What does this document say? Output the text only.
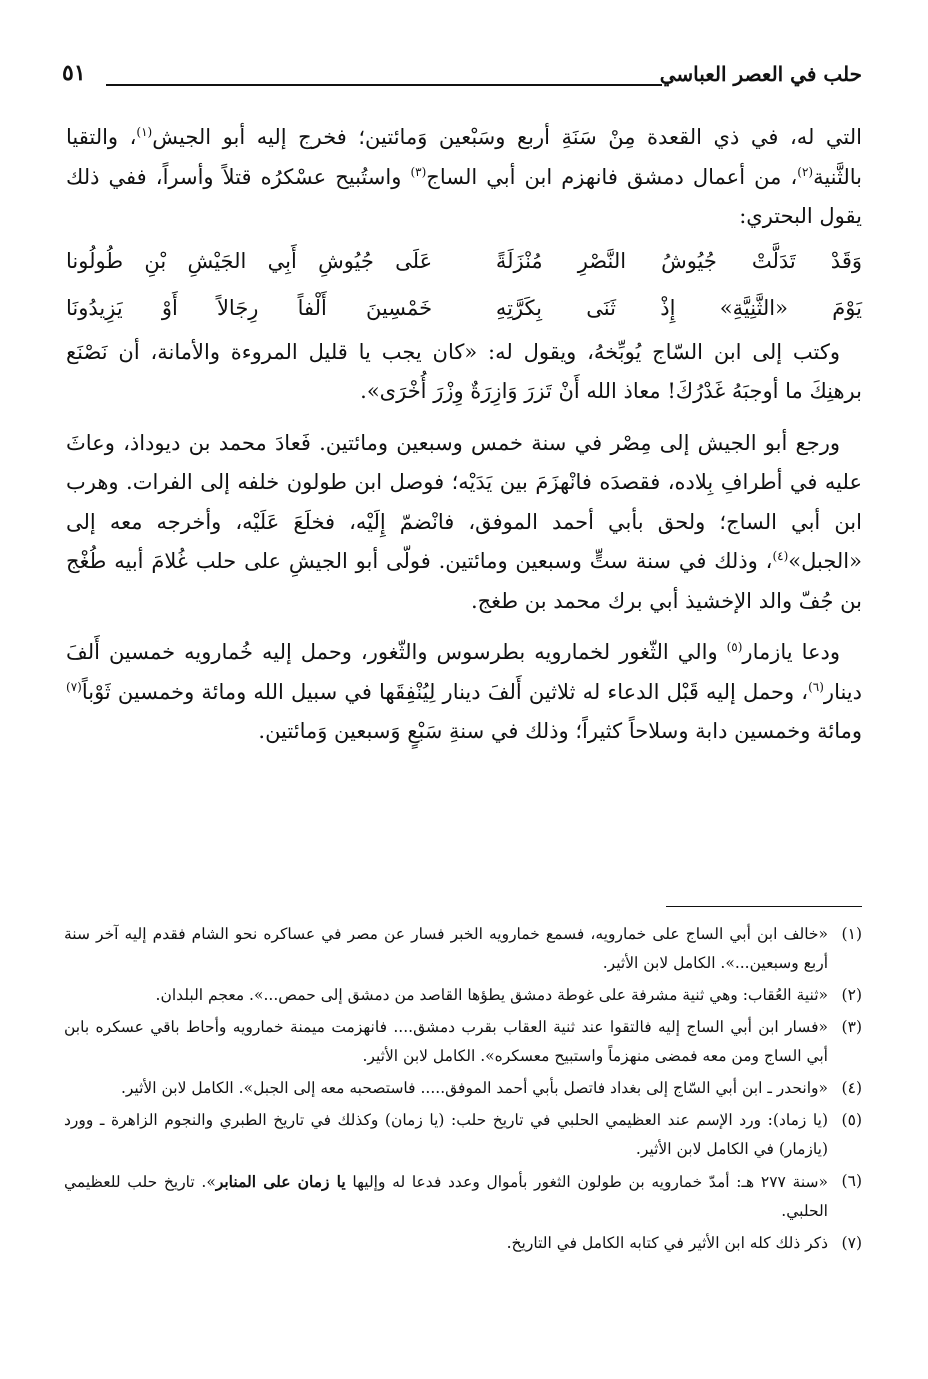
حلب في العصر العباسي
٥١

التي له، في ذي القعدة مِنْ سَنَةِ أربع وسَبْعين وَمائتين؛ فخرج إليه أبو الجيش$^{(١)}$، والتقيا بالثَّنية$^{(٢)}$، من أعمال دمشق فانهزم ابن أبي الساج$^{(٣)}$ واستُبيح عسْكرُه قتلاً وأسراً، ففي ذلك يقول البحتري:

وَقَدْ تَدَلَّتْ جُيُوشُ النَّصْرِ مُنْزَلَةً
عَلَى جُيُوشِ أَبِي الجَيْشِ بْنِ طُولُونا
يَوْمَ «الثَّنِيَّةِ» إِذْ ثَنَى بِكَرَّتِهِ
خَمْسِينَ أَلْفاً رِجَالاً أَوْ يَزِيدُونَا

وكتب إلى ابن السّاج يُوبِّخهُ، ويقول له: «كان يجب يا قليل المروءة والأمانة، أن نَصْنَع برهنِكَ ما أوجبَهُ غَدْرُكَ! معاذ الله أَنْ تَزرَ وَازِرَةٌ وِزْرَ أُخْرَى».

ورجع أبو الجيش إلى مِصْر في سنة خمس وسبعين ومائتين. فَعادَ محمد بن ديوداذ، وعاثَ عليه في أطرافِ بِلاده، فقصدَه فانْهزَمَ بين يَدَيْه؛ فوصل ابن طولون خلفه إلى الفرات. وهرب ابن أبي الساج؛ ولحق بأبي أحمد الموفق، فانْضمّ إِلَيْه، فخلَعَ عَلَيْه، وأخرجه معه إلى «الجبل»$^{(٤)}$، وذلك في سنة ستٍّ وسبعين ومائتين. فولّى أبو الجيشِ على حلب غُلامَ أبيه طُغْج بن جُفّ والد الإخشيذ أبي برك محمد بن طغج.

ودعا يازمار$^{(٥)}$ والي الثّغور لخمارويه بطرسوس والثّغور، وحمل إليه خُمارويه خمسين أَلفَ دينار$^{(٦)}$، وحمل إليه قَبْل الدعاء له ثلاثين أَلفَ دينار لِيُنْفِقَها في سبيل الله ومائة وخمسين ثَوْباً$^{(٧)}$ ومائة وخمسين دابة وسلاحاً كثيراً؛ وذلك في سنةِ سَبْعٍ وَسبعين وَمائتين.

(١)
«خالف ابن أبي الساج على خمارويه، فسمع خمارويه الخبر فسار عن مصر في عساكره نحو الشام فقدم إليه آخر سنة أربع وسبعين...». الكامل لابن الأثير.
(٢)
«ثنية العُقاب: وهي ثنية مشرفة على غوطة دمشق يطؤها القاصد من دمشق إلى حمص...». معجم البلدان.
(٣)
«فسار ابن أبي الساج إليه فالتقوا عند ثنية العقاب بقرب دمشق.... فانهزمت ميمنة خمارويه وأحاط باقي عسكره بابن أبي الساج ومن معه فمضى منهزماً واستبيح معسكره». الكامل لابن الأثير.
(٤)
«وانحدر ـ ابن أبي السّاج إلى بغداد فاتصل بأبي أحمد الموفق..... فاستصحبه معه إلى الجبل». الكامل لابن الأثير.
(٥)
(يا زماد): ورد الإسم عند العظيمي الحلبي في تاريخ حلب: (يا زمان) وكذلك في تاريخ الطبري والنجوم الزاهرة ـ وورد (يازمار) في الكامل لابن الأثير.
(٦)
«سنة ٢٧٧ هـ: أمدّ خمارويه بن طولون الثغور بأموال وعدد فدعا له وإليها يا زمان على المنابر». تاريخ حلب للعظيمي الحلبي.
(٧)
ذكر ذلك كله ابن الأثير في كتابه الكامل في التاريخ.
